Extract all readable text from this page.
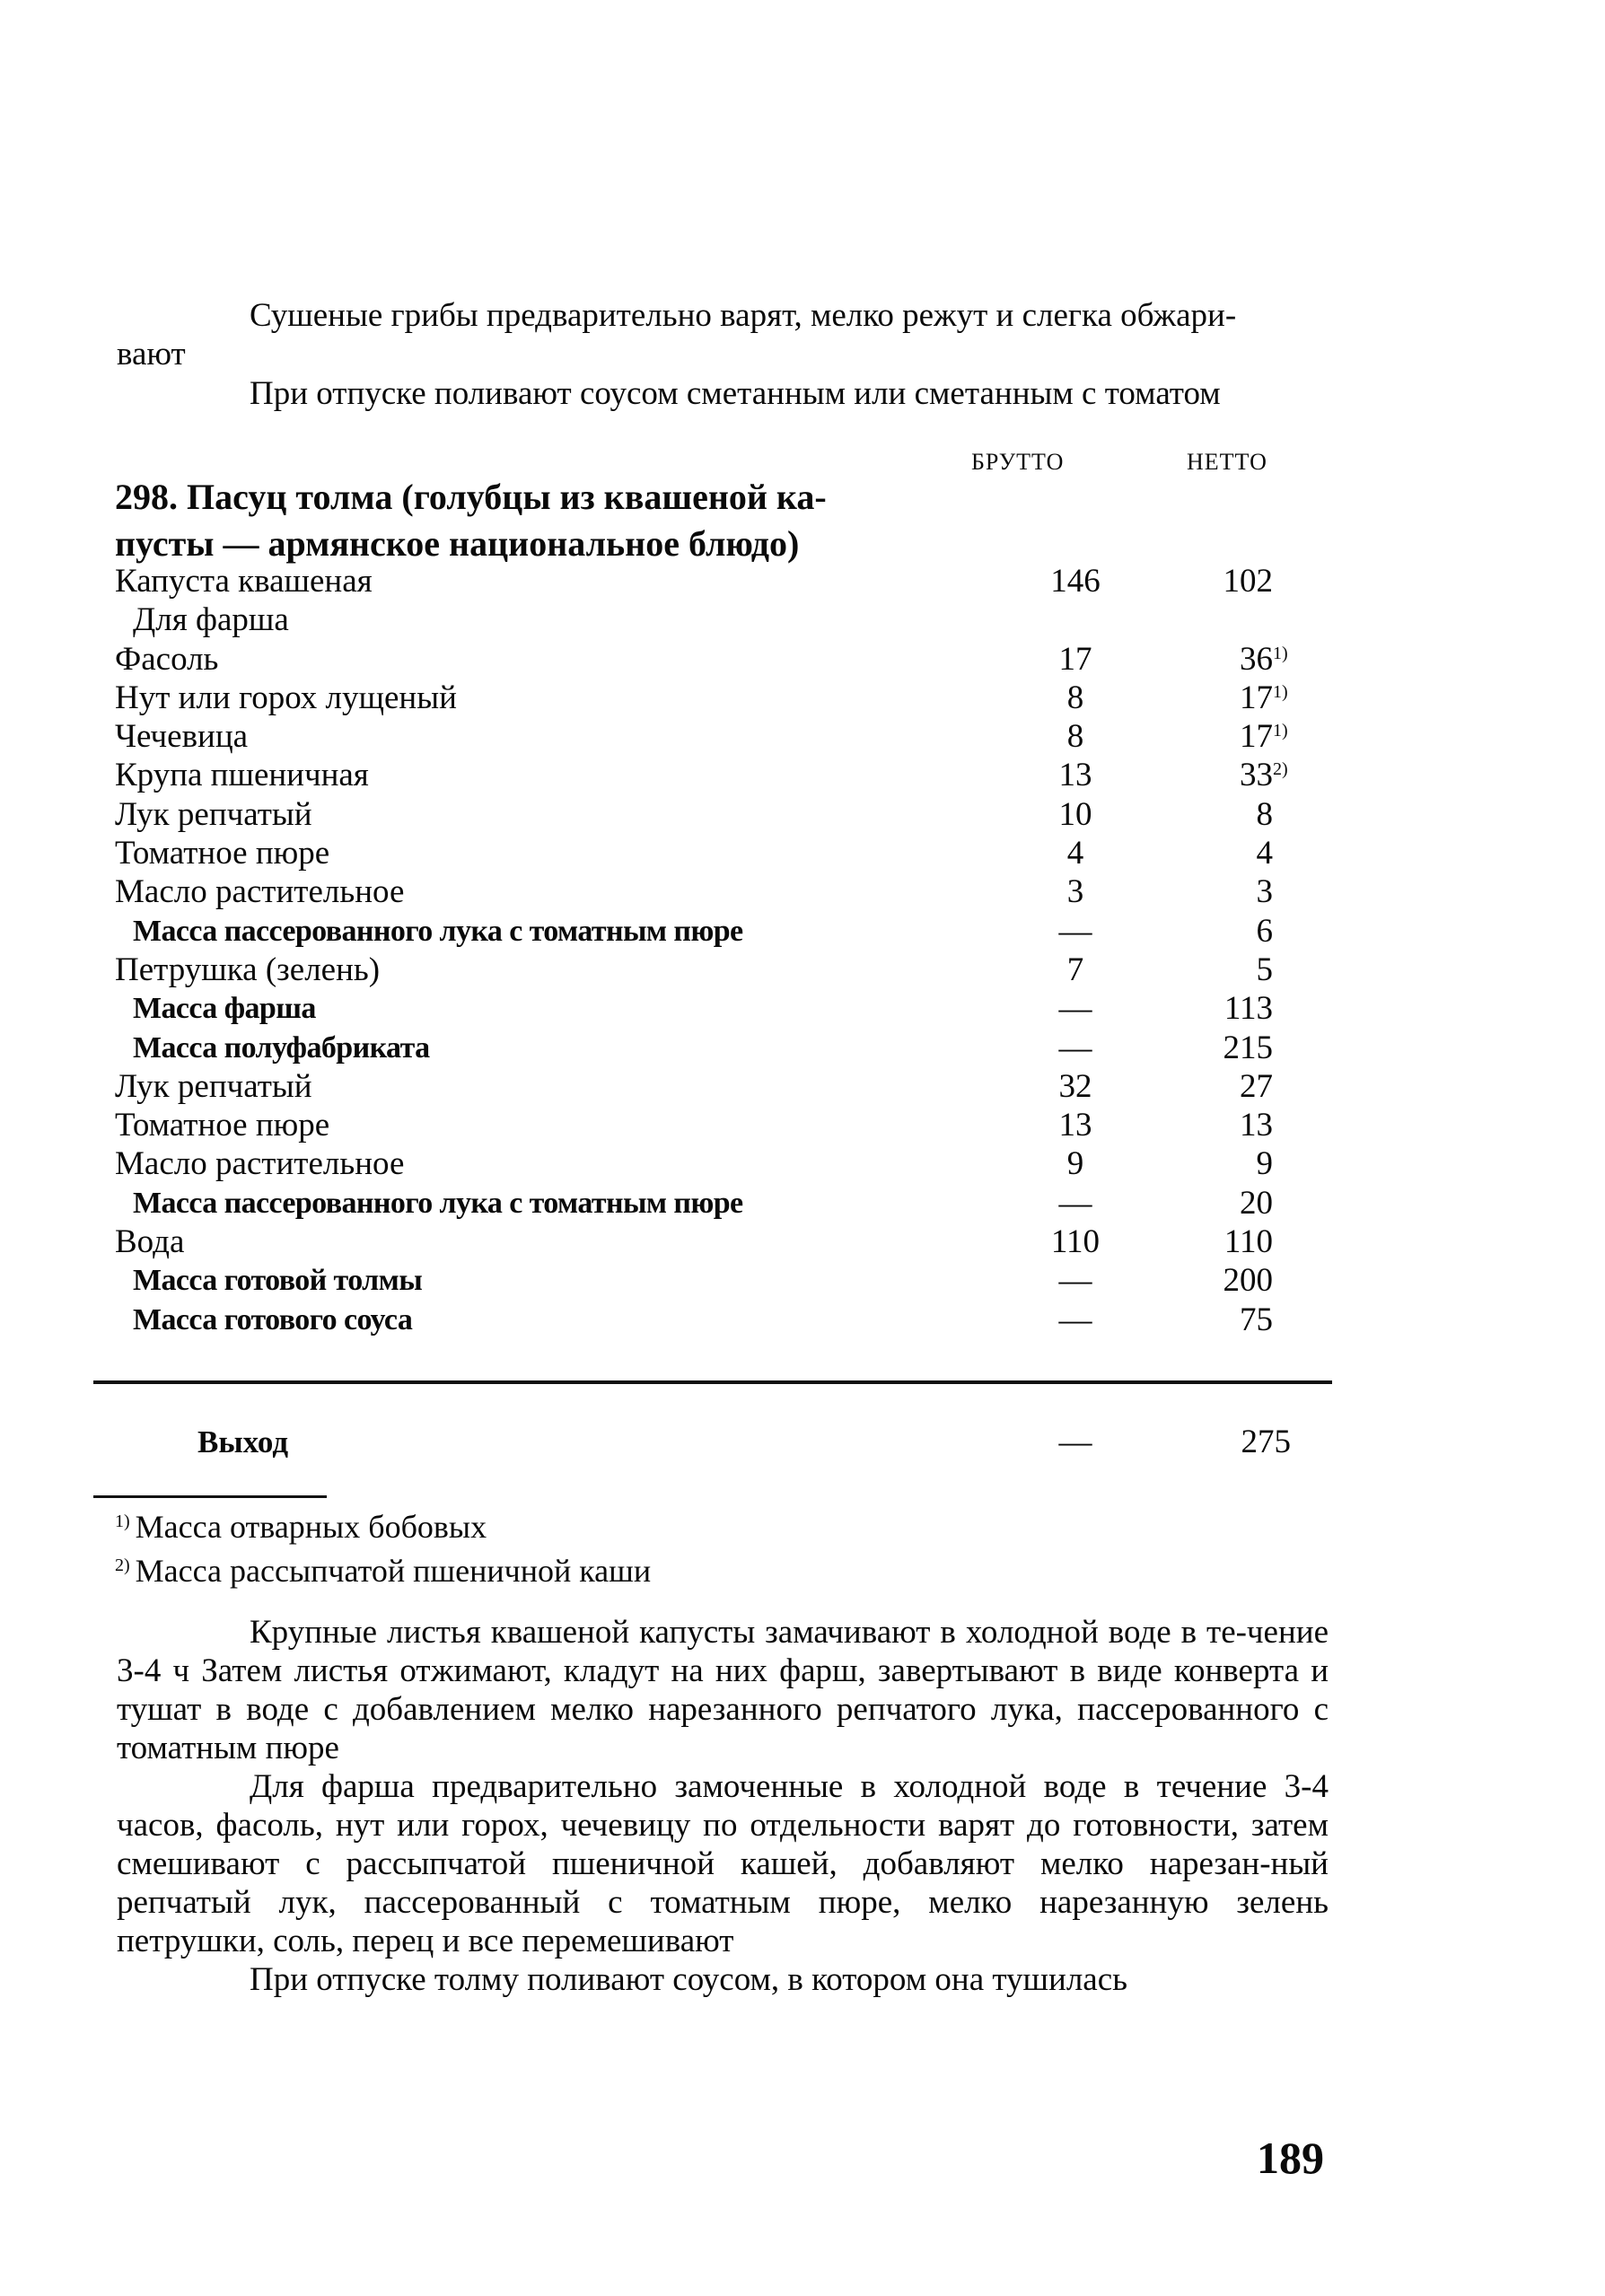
Сушеные грибы предварительно варят, мелко режут и слегка обжари-
вают

При отпуске поливают соусом сметанным или сметанным с томатом

БРУТТО	НЕТТО

298. Пасуц толма (голубцы из квашеной ка-
пусты — армянское национальное блюдо)

Капуста квашеная	146	102
Для фарша
Фасоль	17	36 1)
Нут или горох лущеный	8	17 1)
Чечевица	8	17 1)
Крупа пшеничная	13	33 2)
Лук репчатый	10	8
Томатное пюре	4	4
Масло растительное	3	3
Масса пассерованного лука с томатным пюре	—	6
Петрушка (зелень)	7	5
Масса фарша	—	113
Масса полуфабриката	—	215
Лук репчатый	32	27
Томатное пюре	13	13
Масло растительное	9	9
Масса пассерованного лука с томатным пюре	—	20
Вода	110	110
Масса готовой толмы	—	200
Масса готового соуса	—	75
Выход	—	275
$^{1)}$ Масса отварных бобовых
$^{2)}$ Масса рассыпчатой пшеничной каши

Крупные листья квашеной капусты замачивают в холодной воде в те-чение 3-4 ч Затем листья отжимают, кладут на них фарш, завертывают в виде конверта и тушат в воде с добавлением мелко нарезанного репчатого лука, пассерованного с томатным пюре

Для фарша предварительно замоченные в холодной воде в течение 3-4 часов, фасоль, нут или горох, чечевицу по отдельности варят до готовности, затем смешивают с рассыпчатой пшеничной кашей, добавляют мелко нарезан-ный репчатый лук, пассерованный с томатным пюре, мелко нарезанную зелень петрушки, соль, перец и все перемешивают

При отпуске толму поливают соусом, в котором она тушилась

189
